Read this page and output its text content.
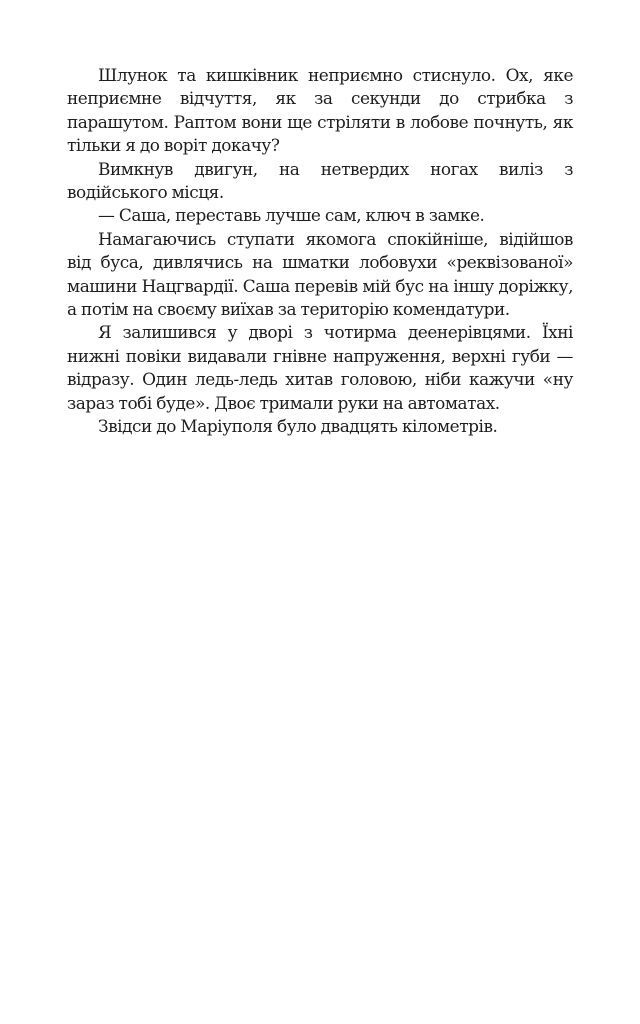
Шлунок та кишківник неприємно стиснуло. Ох, яке неприємне відчуття, як за секунди до стрибка з парашутом. Раптом вони ще стріляти в лобове почнуть, як тільки я до воріт докачу?

Вимкнув двигун, на нетвердих ногах виліз з водійського місця.

— Саша, переставь лучше сам, ключ в замке.

Намагаючись ступати якомога спокійніше, відійшов від буса, дивлячись на шматки лобовухи «реквізованої» машини Нацгвардії. Саша перевів мій бус на іншу доріжку, а потім на своєму виїхав за територію комендатури.

Я залишився у дворі з чотирма деенерівцями. Їхні нижні повіки видавали гнівне напруження, верхні губи — відразу. Один ледь-ледь хитав головою, ніби кажучи «ну зараз тобі буде». Двоє тримали руки на автоматах.

Звідси до Маріуполя було двадцять кілометрів.
